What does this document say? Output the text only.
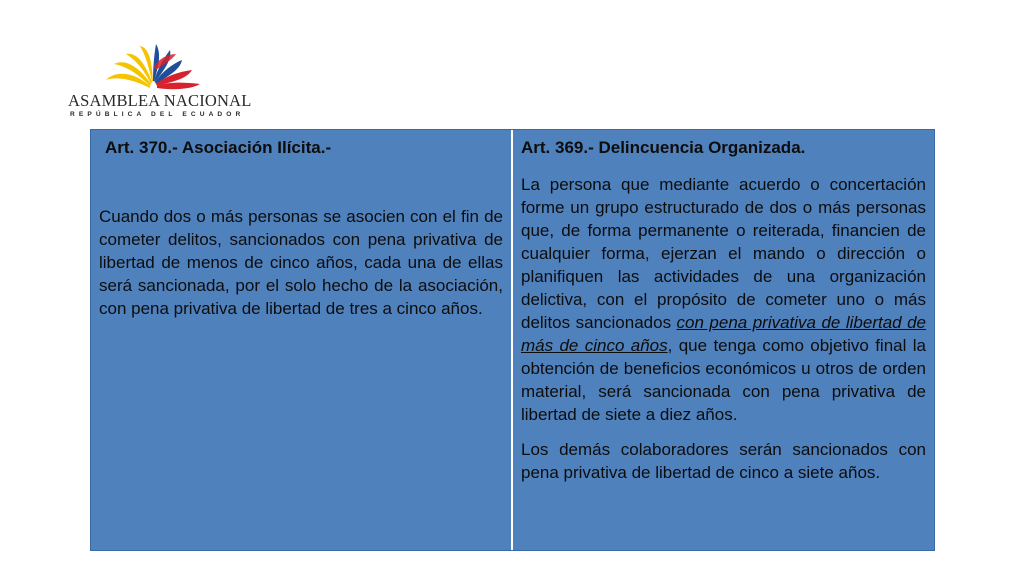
ASAMBLEA NACIONAL
REPÚBLICA DEL ECUADOR

Art. 370.- Asociación Ilícita.-

Cuando dos o más personas se asocien con el fin de cometer delitos, sancionados con pena privativa de libertad de menos de cinco años, cada una de ellas será sancionada, por el solo hecho de la asociación, con pena privativa de libertad de tres a cinco años.

Art. 369.- Delincuencia Organizada.

La persona que mediante acuerdo o concertación forme un grupo estructurado de dos o más personas que, de forma permanente o reiterada, financien de cualquier forma, ejerzan el mando o dirección o planifiquen las actividades de una organización delictiva, con el propósito de cometer uno o más delitos sancionados con pena privativa de libertad de más de cinco años, que tenga como objetivo final la obtención de beneficios económicos u otros de orden material, será sancionada con pena privativa de libertad de siete a diez años.

Los demás colaboradores serán sancionados con pena privativa de libertad de cinco a siete años.
